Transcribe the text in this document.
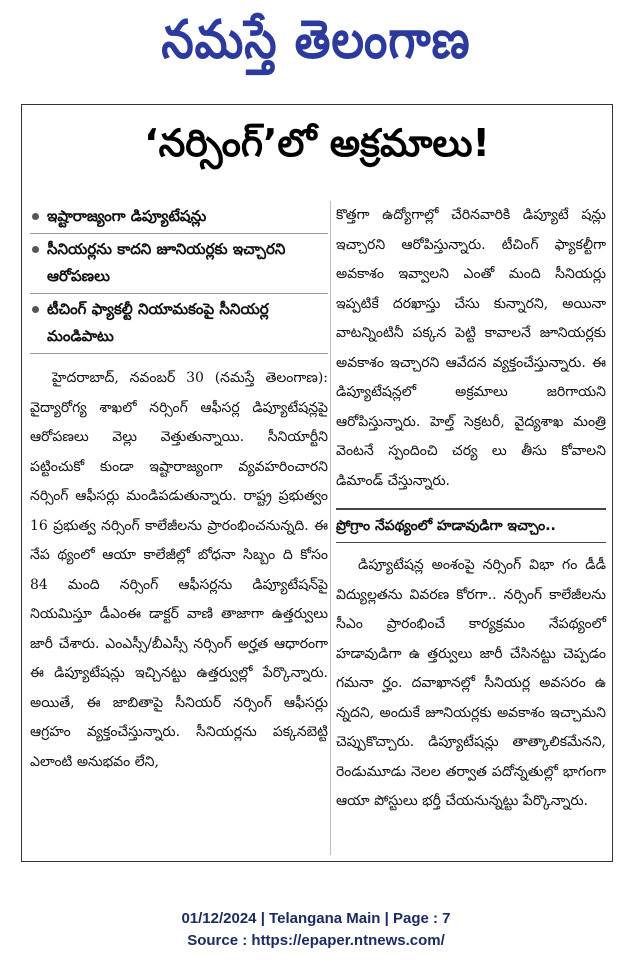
నమస్తే తెలంగాణ
‘నర్సింగ్’లో అక్రమాలు!
ఇష్టారాజ్యంగా డిప్యూటేషన్లు
సీనియర్లను కాదని జూనియర్లకు ఇచ్చారని ఆరోపణలు
టీచింగ్ ఫ్యాకల్టీ నియామకంపై సీనియర్ల మండిపాటు

హైదరాబాద్, నవంబర్ 30 (నమస్తే తెలంగాణ): వైద్యారోగ్య శాఖలో నర్సింగ్ ఆఫీసర్ల డిప్యూటేషన్లపై ఆరోపణలు వెల్లు వెత్తుతున్నాయి. సీనియార్టీని పట్టించుకో కుండా ఇష్టారాజ్యంగా వ్యవహరించారని నర్సింగ్ ఆఫీసర్లు మండిపడుతున్నారు. రాష్ట్ర ప్రభుత్వం 16 ప్రభుత్వ నర్సింగ్ కాలేజీలను ప్రారంభించనున్నది. ఈ నేప థ్యంలో ఆయా కాలేజీల్లో బోధనా సిబ్బం ది కోసం 84 మంది నర్సింగ్ ఆఫీసర్లను డిప్యూటేషన్‌పై నియమిస్తూ డీఎంఈ డాక్టర్ వాణి తాజాగా ఉత్తర్వులు జారీ చేశారు. ఎంఎస్సీ/బీఎస్సీ నర్సింగ్ అర్హత ఆధారంగా ఈ డిప్యూటేషన్లు ఇచ్చినట్టు ఉత్తర్వుల్లో పేర్కొన్నారు. అయితే, ఈ జాబితాపై సీనియర్ నర్సింగ్ ఆఫీసర్లు ఆగ్రహం వ్యక్తంచేస్తున్నారు. సీనియర్లను పక్కనబెట్టి ఎలాంటి అనుభవం లేని,

కొత్తగా ఉద్యోగాల్లో చేరినవారికి డిప్యూటే షన్లు ఇచ్చారని ఆరోపిస్తున్నారు. టీచింగ్ ఫ్యాకల్టీగా అవకాశం ఇవ్వాలని ఎంతో మంది సీనియర్లు ఇప్పటికే దరఖాస్తు చేసు కున్నారని, అయినా వాటన్నింటినీ పక్కన పెట్టి కావాలనే జూనియర్లకు అవకాశం ఇచ్చారని ఆవేదన వ్యక్తంచేస్తున్నారు. ఈ డిప్యూటేషన్లలో అక్రమాలు జరిగాయని ఆరోపిస్తున్నారు. హెల్త్ సెక్రటరీ, వైద్యశాఖ మంత్రి వెంటనే స్పందించి చర్య లు తీసు కోవాలని డిమాండ్ చేస్తున్నారు.

ప్రోగ్రాం నేపథ్యంలో హడావుడిగా ఇచ్చాం..

డిప్యూటేషన్ల అంశంపై నర్సింగ్ విభా గం డీడీ విద్యుల్లతను వివరణ కోరగా.. నర్సింగ్ కాలేజీలను సీఎం ప్రారంభించే కార్యక్రమం నేపథ్యంలో హడావుడిగా ఉ త్తర్వులు జారీ చేసినట్టు చెప్పడం గమనా ర్హం. దవాఖానల్లో సీనియర్ల అవసరం ఉ న్నదని, అందుకే జూనియర్లకు అవకాశం ఇచ్చామని చెప్పుకొచ్చారు. డిప్యూటేషన్లు తాత్కాలికమేనని, రెండుమూడు నెలల తర్వాత పదోన్నతుల్లో భాగంగా ఆయా పోస్టులు భర్తీ చేయనున్నట్టు పేర్కొన్నారు.

01/12/2024 | Telangana Main | Page : 7
Source : https://epaper.ntnews.com/
